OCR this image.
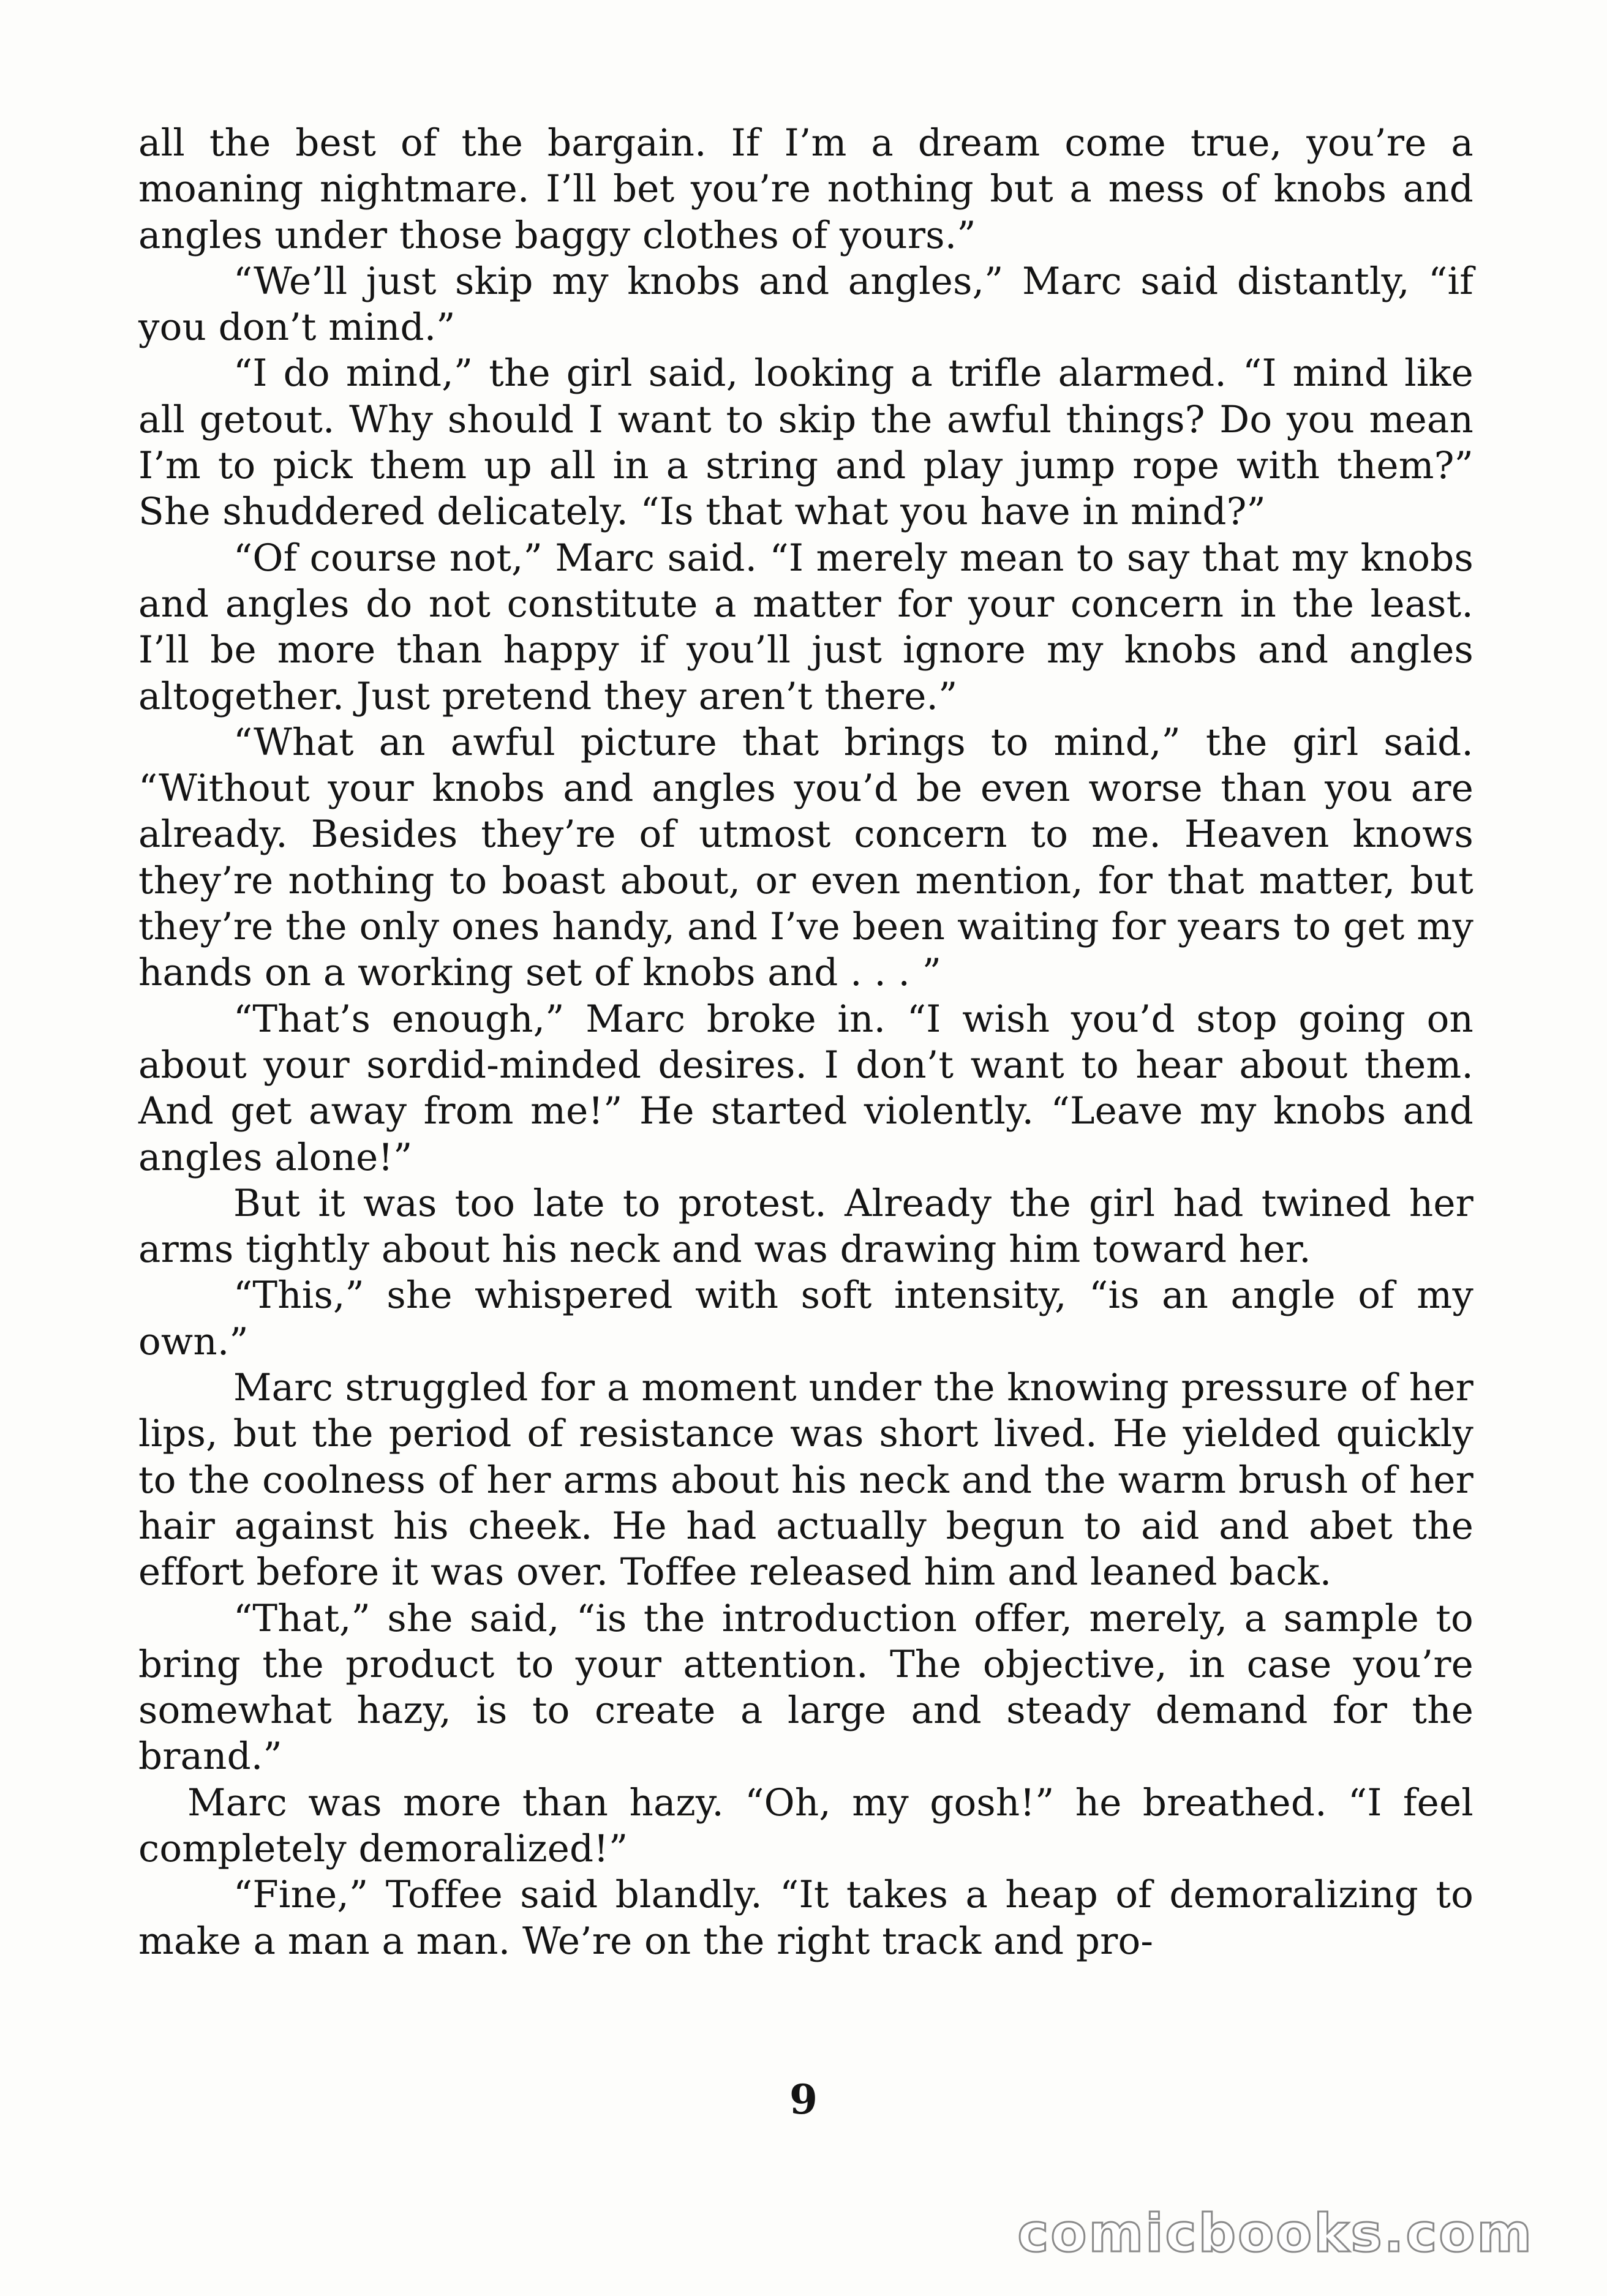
all the best of the bargain. If I’m a dream come true, you’re a moaning nightmare. I’ll bet you’re nothing but a mess of knobs and angles under those baggy clothes of yours.”

“We’ll just skip my knobs and angles,” Marc said distantly, “if you don’t mind.”

“I do mind,” the girl said, looking a trifle alarmed. “I mind like all getout. Why should I want to skip the awful things? Do you mean I’m to pick them up all in a string and play jump rope with them?” She shuddered delicately. “Is that what you have in mind?”

“Of course not,” Marc said. “I merely mean to say that my knobs and angles do not constitute a matter for your concern in the least. I’ll be more than happy if you’ll just ignore my knobs and angles altogether. Just pretend they aren’t there.”

“What an awful picture that brings to mind,” the girl said. “Without your knobs and angles you’d be even worse than you are already. Besides they’re of utmost concern to me. Heaven knows they’re nothing to boast about, or even mention, for that matter, but they’re the only ones handy, and I’ve been waiting for years to get my hands on a working set of knobs and . . . ”

“That’s enough,” Marc broke in. “I wish you’d stop going on about your sordid-minded desires. I don’t want to hear about them. And get away from me!” He started violently. “Leave my knobs and angles alone!”

But it was too late to protest. Already the girl had twined her arms tightly about his neck and was drawing him toward her.

“This,” she whispered with soft intensity, “is an angle of my own.”

Marc struggled for a moment under the knowing pressure of her lips, but the period of resistance was short lived. He yielded quickly to the coolness of her arms about his neck and the warm brush of her hair against his cheek. He had actually begun to aid and abet the effort before it was over. Toffee released him and leaned back.

“That,” she said, “is the introduction offer, merely, a sample to bring the product to your attention. The objective, in case you’re somewhat hazy, is to create a large and steady demand for the brand.”

Marc was more than hazy. “Oh, my gosh!” he breathed. “I feel completely demoralized!”

“Fine,” Toffee said blandly. “It takes a heap of demoralizing to make a man a man. We’re on the right track and pro-

9
comicbooks.com
